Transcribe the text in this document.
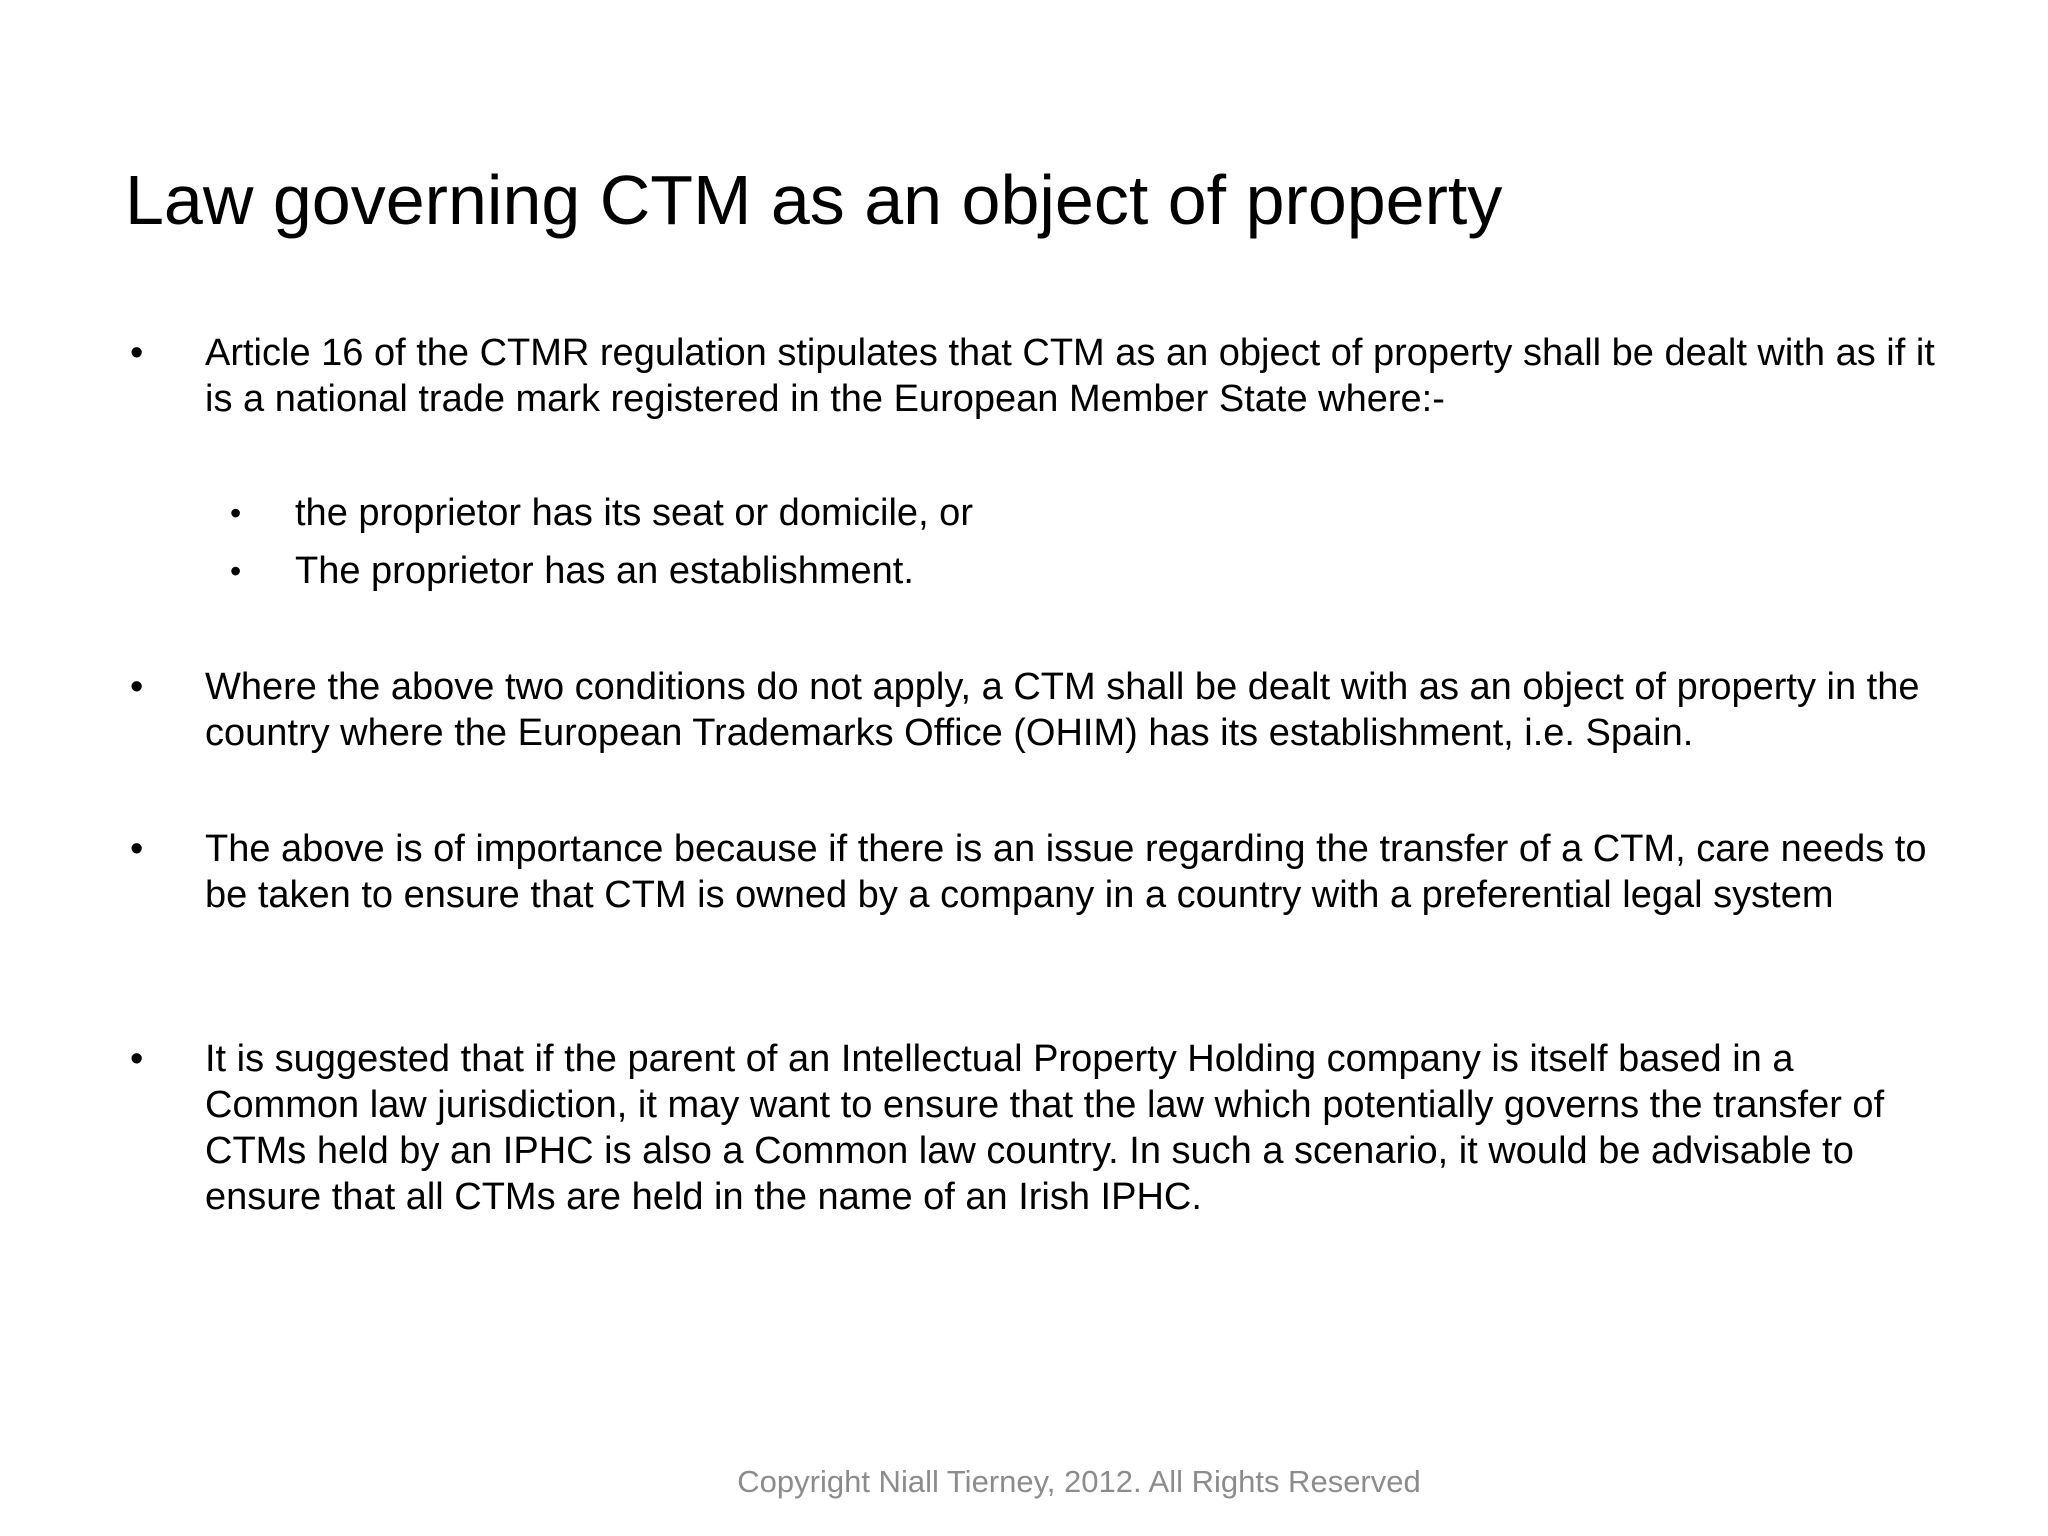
Law governing CTM as an object of property
•	Article 16 of the CTMR regulation stipulates that CTM as an object of property shall be dealt with as if it is a national trade mark registered in the European Member State where:-
•	the proprietor has its seat or domicile, or
•	The proprietor has an establishment.
•	Where the above two conditions do not apply, a CTM shall be dealt with as an object of property in the country where the European Trademarks Office (OHIM) has its establishment, i.e. Spain.
•	The above is of importance because if there is an issue regarding the transfer of a CTM, care needs to be taken to ensure that CTM is owned by a company in a country with a preferential legal system
•	It is suggested that if the parent of an Intellectual Property Holding company is itself based in a Common law jurisdiction, it may want to ensure that the law which potentially governs the transfer of CTMs held by an IPHC is also a Common law country. In such a scenario, it would be advisable to ensure that all CTMs are held in the name of an Irish IPHC.
Copyright Niall Tierney, 2012. All Rights Reserved
